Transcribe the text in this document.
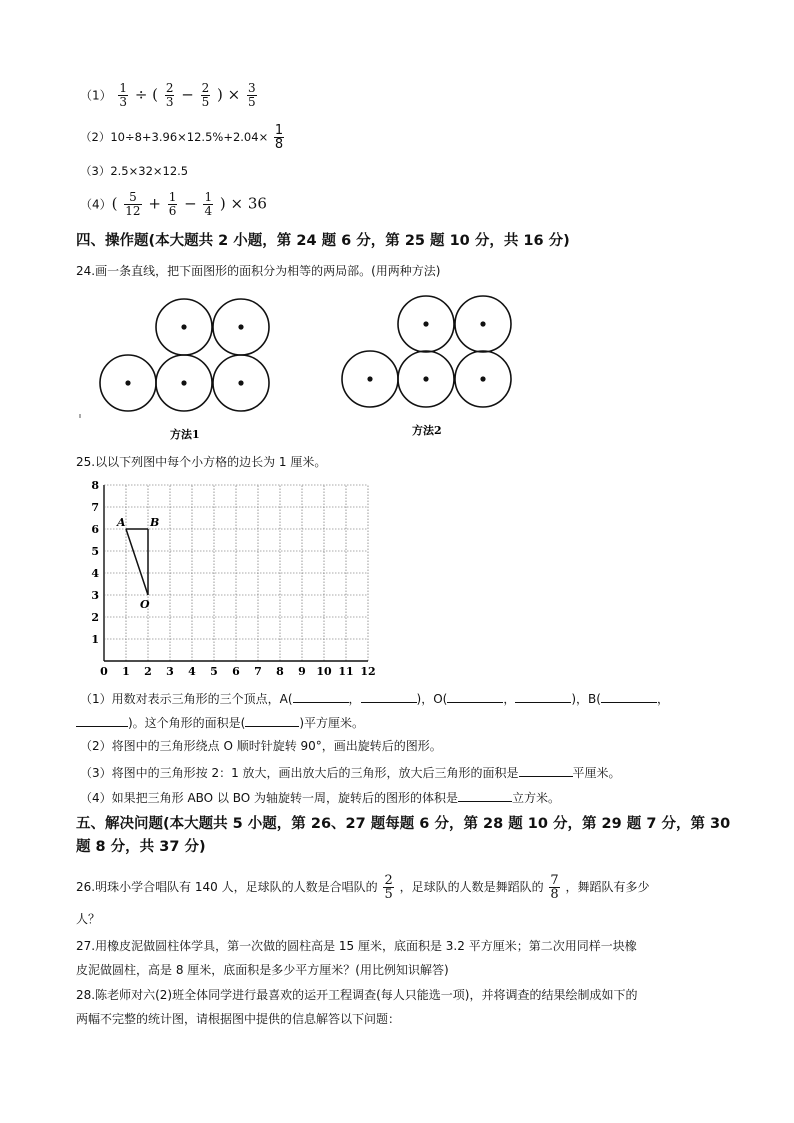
$(1) \frac{1}{3}$ ÷ ( $\frac{2}{3} - \frac{2}{5}$ ) × $\frac{3}{5}$
$(2)10\div 8+3.96\times 12.5\%+2.04\times \frac{1}{8}$
（3）2.5×32×12.5
$(4)( \frac{5}{12} + \frac{1}{6} - \frac{1}{4}$ ) × 36
四、操作题(本大题共 2 小题，第 24 题 6 分，第 25 题 10 分，共 16 分)
24.画一条直线，把下面图形的面积分为相等的两局部。(用两种方法)
方法1	方法2
25.以以下列图中每个小方格的边长为 1 厘米。
0 1 2 3 4 5 6 7 8 9 10 11 12
1
2
3
4
5
6
7
8
A B
O
（1）用数对表示三角形的三个顶点，A(	，	)，O(	，	)，B(	，
)。这个角形的面积是(	)平方厘米。
（2）将图中的三角形绕点 O 顺时针旋转 90°，画出旋转后的图形。
（3）将图中的三角形按 2：1 放大，画出放大后的三角形，放大后三角形的面积是	平厘米。
（4）如果把三角形 ABO 以 BO 为轴旋转一周，旋转后的图形的体积是	立方米。
五、解决问题(本大题共 5 小题，第 26、27 题每题 6 分，第 28 题 10 分，第 29 题 7 分，第 30
题 8 分，共 37 分)
26.明珠小学合唱队有 140 人，足球队的人数是合唱队的 $\frac{2}{5}$ ，足球队的人数是舞蹈队的 $\frac{7}{8}$ ，舞蹈队有多少
人？
27.用橡皮泥做圆柱体学具，第一次做的圆柱高是 15 厘米，底面积是 3.2 平方厘米；第二次用同样一块橡
皮泥做圆柱，高是 8 厘米，底面积是多少平方厘米？(用比例知识解答)
28.陈老师对六(2)班全体同学进行最喜欢的运开工程调查(每人只能选一项)，并将调查的结果绘制成如下的
两幅不完整的统计图，请根据图中提供的信息解答以下问题：
